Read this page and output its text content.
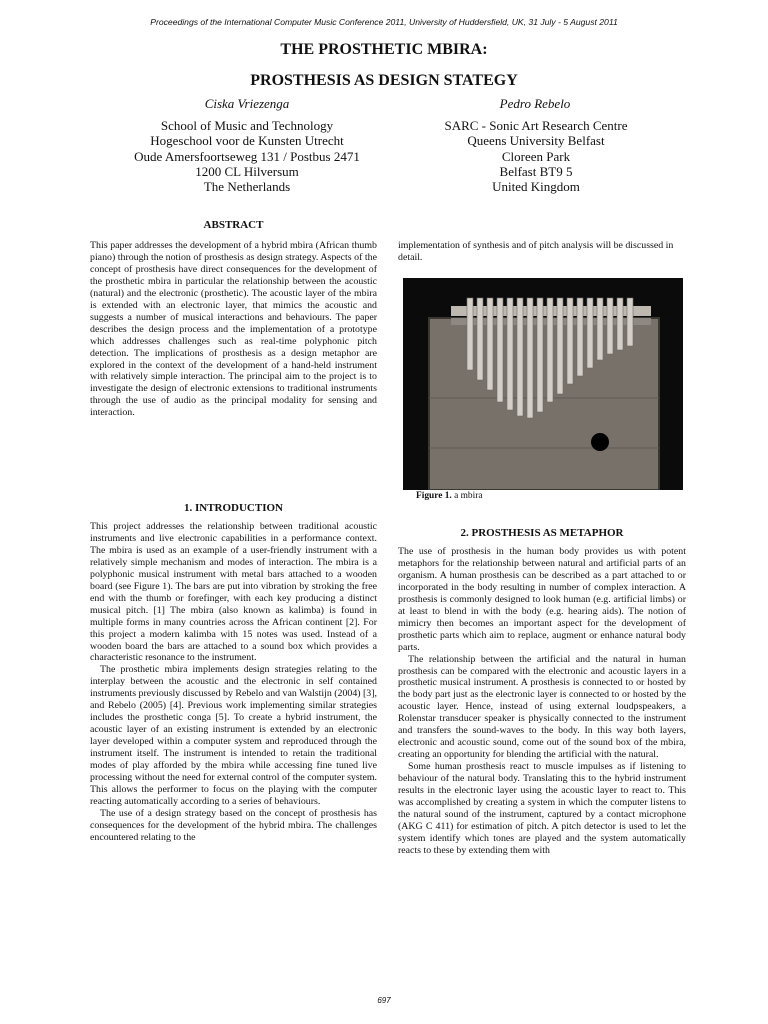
Proceedings of the International Computer Music Conference 2011, University of Huddersfield, UK, 31 July - 5 August 2011
THE PROSTHETIC MBIRA:
PROSTHESIS AS DESIGN STATEGY
Ciska Vriezenga	Pedro Rebelo
School of Music and Technology
Hogeschool voor de Kunsten Utrecht
Oude Amersfoortseweg 131 / Postbus 2471
1200 CL Hilversum
The Netherlands
SARC - Sonic Art Research Centre
Queens University Belfast
Cloreen Park
Belfast BT9 5
United Kingdom
ABSTRACT

This paper addresses the development of a hybrid mbira (African thumb piano) through the notion of prosthesis as design strategy. Aspects of the concept of prosthesis have direct consequences for the development of the prosthetic mbira in particular the relationship between the acoustic (natural) and the electronic (prosthetic). The acoustic layer of the mbira is extended with an electronic layer, that mimics the acoustic and suggests a number of musical interactions and behaviours. The paper describes the design process and the implementation of a prototype which addresses challenges such as real-time polyphonic pitch detection. The implications of prosthesis as a design metaphor are explored in the context of the development of a hand-held instrument with relatively simple interaction. The principal aim to the project is to investigate the design of electronic extensions to traditional instruments through the use of audio as the principal modality for sensing and interaction.

1. INTRODUCTION

This project addresses the relationship between traditional acoustic instruments and live electronic capabilities in a performance context. The mbira is used as an example of a user-friendly instrument with a relatively simple mechanism and modes of interaction. The mbira is a polyphonic musical instrument with metal bars attached to a wooden board (see Figure 1). The bars are put into vibration by stroking the free end with the thumb or forefinger, with each key producing a distinct musical pitch. [1] The mbira (also known as kalimba) is found in multiple forms in many countries across the African continent [2]. For this project a modern kalimba with 15 notes was used. Instead of a wooden board the bars are attached to a sound box which provides a characteristic resonance to the instrument.

The prosthetic mbira implements design strategies relating to the interplay between the acoustic and the electronic in self contained instruments previously discussed by Rebelo and van Walstijn (2004) [3], and Rebelo (2005) [4]. Previous work implementing similar strategies includes the prosthetic conga [5]. To create a hybrid instrument, the acoustic layer of an existing instrument is extended by an electronic layer developed within a computer system and reproduced through the instrument itself. The instrument is intended to retain the traditional modes of play afforded by the mbira while accessing fine tuned live processing without the need for external control of the computer system. This allows the performer to focus on the playing with the computer reacting automatically according to a series of behaviours.

The use of a design strategy based on the concept of prosthesis has consequences for the development of the hybrid mbira. The challenges encountered relating to the

implementation of synthesis and of pitch analysis will be discussed in detail.

Figure 1. a mbira
2. PROSTHESIS AS METAPHOR

The use of prosthesis in the human body provides us with potent metaphors for the relationship between natural and artificial parts of an organism. A human prosthesis can be described as a part attached to or incorporated in the body resulting in number of complex interaction. A prosthesis is commonly designed to look human (e.g. artificial limbs) or at least to blend in with the body (e.g. hearing aids). The notion of mimicry then becomes an important aspect for the development of prosthetic parts which aim to replace, augment or enhance natural body parts.

The relationship between the artificial and the natural in human prosthesis can be compared with the electronic and acoustic layers in a prosthetic musical instrument. A prosthesis is connected to or hosted by the body part just as the electronic layer is connected to or hosted by the acoustic layer. Hence, instead of using external loudpspeakers, a Rolenstar transducer speaker is physically connected to the instrument and transfers the sound-waves to the body. In this way both layers, electronic and acoustic sound, come out of the sound box of the mbira, creating an opportunity for blending the artificial with the natural.

Some human prosthesis react to muscle impulses as if listening to behaviour of the natural body. Translating this to the hybrid instrument results in the electronic layer using the acoustic layer to react to. This was accomplished by creating a system in which the computer listens to the natural sound of the instrument, captured by a contact microphone (AKG C 411) for estimation of pitch. A pitch detector is used to let the system identify which tones are played and the system automatically reacts to these by extending them with

697
